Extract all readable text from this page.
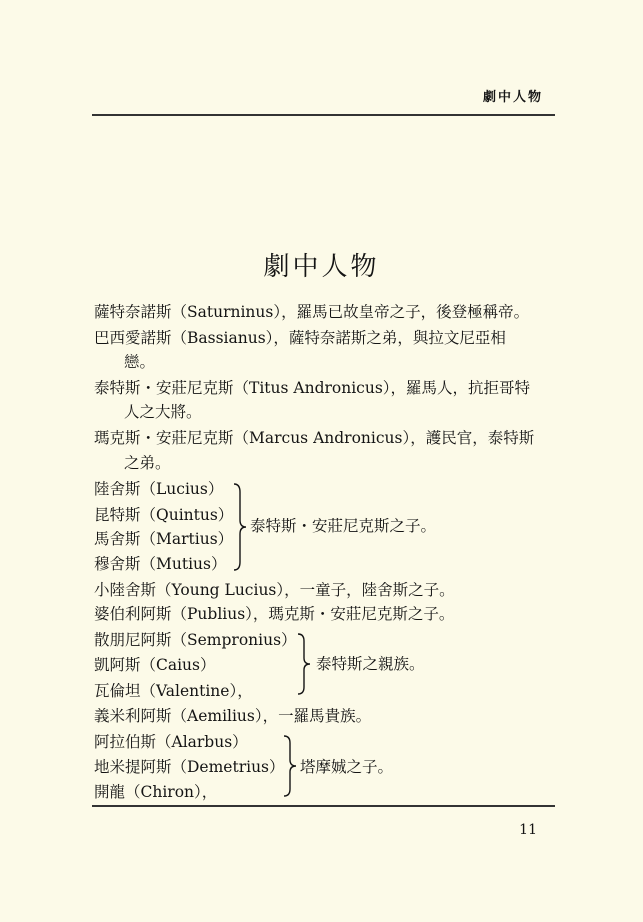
劇中人物
劇中人物
薩特奈諾斯（Saturninus），羅馬已故皇帝之子，後登極稱帝。
巴西愛諾斯（Bassianus），薩特奈諾斯之弟，與拉文尼亞相
戀。
泰特斯・安莊尼克斯（Titus Andronicus），羅馬人，抗拒哥特
人之大將。
瑪克斯・安莊尼克斯（Marcus Andronicus），護民官，泰特斯
之弟。
陸舍斯（Lucius）
昆特斯（Quintus）
馬舍斯（Martius）
穆舍斯（Mutius）
泰特斯・安莊尼克斯之子。
小陸舍斯（Young Lucius），一童子，陸舍斯之子。
婆伯利阿斯（Publius），瑪克斯・安莊尼克斯之子。
散朋尼阿斯（Sempronius）
凱阿斯（Caius）
瓦倫坦（Valentine），
泰特斯之親族。
義米利阿斯（Aemilius），一羅馬貴族。
阿拉伯斯（Alarbus）
地米提阿斯（Demetrius）
開龍（Chiron），
塔摩娍之子。
11
